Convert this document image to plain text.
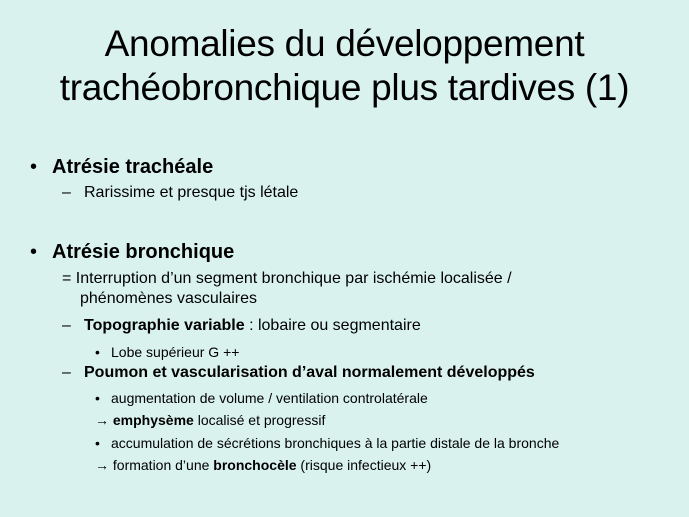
Anomalies du développement
trachéobronchique plus tardives (1)
• Atrésie trachéale
– Rarissime et presque tjs létale
• Atrésie bronchique
= Interruption d’un segment bronchique par ischémie localisée /
phénomènes vasculaires
– Topographie variable : lobaire ou segmentaire
• Lobe supérieur G ++
– Poumon et vascularisation d’aval normalement développés
• augmentation de volume / ventilation controlatérale
→ emphysème localisé et progressif
• accumulation de sécrétions bronchiques à la partie distale de la bronche
→ formation d’une bronchocèle (risque infectieux ++)
